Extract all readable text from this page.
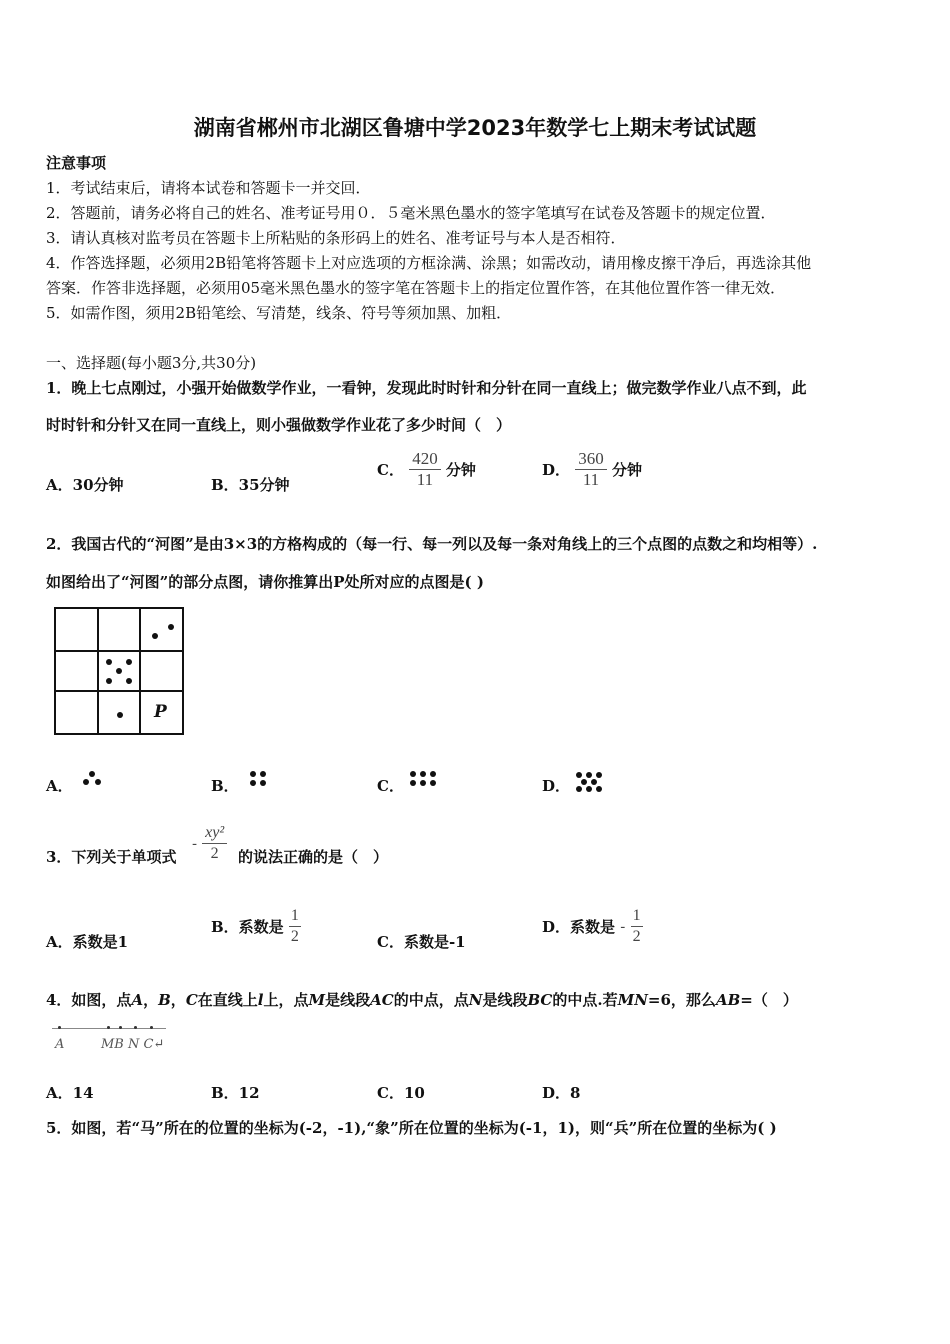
湖南省郴州市北湖区鲁塘中学2023年数学七上期末考试试题
注意事项
1．考试结束后，请将本试卷和答题卡一并交回．
2．答题前，请务必将自己的姓名、准考证号用０．５毫米黑色墨水的签字笔填写在试卷及答题卡的规定位置．
3．请认真核对监考员在答题卡上所粘贴的条形码上的姓名、准考证号与本人是否相符．
4．作答选择题，必须用2B铅笔将答题卡上对应选项的方框涂满、涂黑；如需改动，请用橡皮擦干净后，再选涂其他
答案．作答非选择题，必须用05毫米黑色墨水的签字笔在答题卡上的指定位置作答，在其他位置作答一律无效．
5．如需作图，须用2B铅笔绘、写清楚，线条、符号等须加黑、加粗．
一、选择题(每小题3分,共30分)
1．晚上七点刚过，小强开始做数学作业，一看钟，发现此时时针和分针在同一直线上；做完数学作业八点不到，此
时时针和分针又在同一直线上，则小强做数学作业花了多少时间（　）
A．30分钟	B．35分钟
C． $\frac{420}{11}$ 分钟	D． $\frac{360}{11}$ 分钟
2．我国古代的“河图”是由3×3的方格构成的（每一行、每一列以及每一条对角线上的三个点图的点数之和均相等）.
如图给出了“河图”的部分点图，请你推算出P处所对应的点图是( )
P
A．	B．	C．	D．
3．下列关于单项式
- $\frac{\text{xy²}}{2}$ 的说法正确的是（　）
A．系数是1
B．系数是 $\frac{1}{2}$	C．系数是-1
D．系数是 - $\frac{1}{2}$
4．如图，点A，B，C在直线上l上，点M是线段AC的中点，点N是线段BC的中点.若MN=6，那么AB=（　）
A	MB N C↵
A．14	B．12	C．10	D．8
5．如图，若“马”所在的位置的坐标为(-2，-1),“象”所在位置的坐标为(-1，1)，则“兵”所在位置的坐标为( )
